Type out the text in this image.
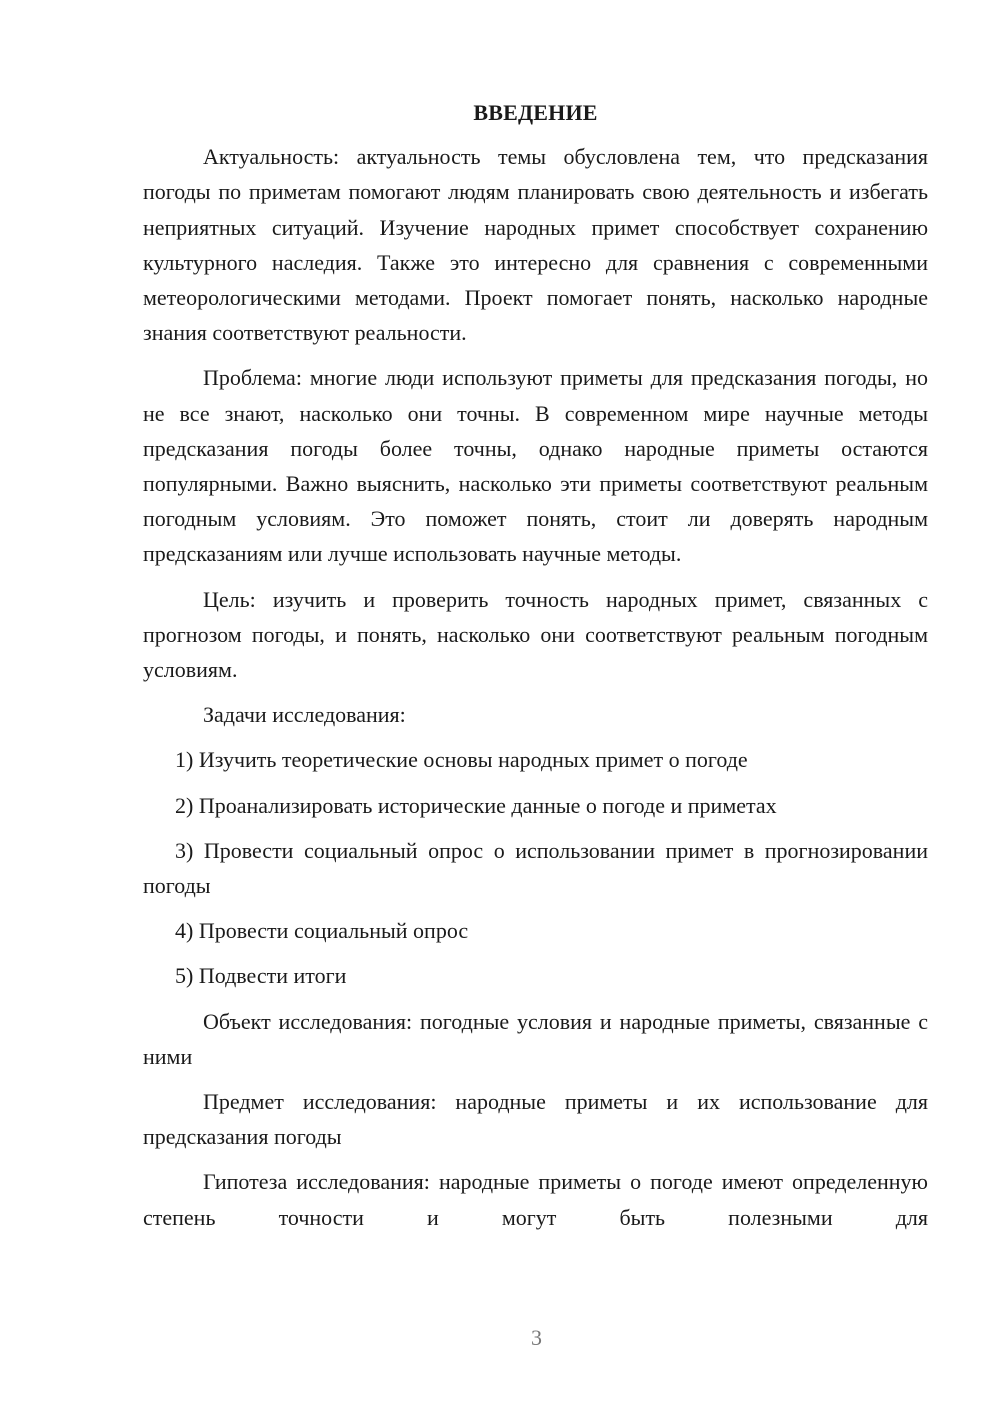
ВВЕДЕНИЕ

Актуальность: актуальность темы обусловлена тем, что предсказания погоды по приметам помогают людям планировать свою деятельность и избегать неприятных ситуаций. Изучение народных примет способствует сохранению культурного наследия. Также это интересно для сравнения с современными метеорологическими методами. Проект помогает понять, насколько народные знания соответствуют реальности.

Проблема: многие люди используют приметы для предсказания погоды, но не все знают, насколько они точны. В современном мире научные методы предсказания погоды более точны, однако народные приметы остаются популярными. Важно выяснить, насколько эти приметы соответствуют реальным погодным условиям. Это поможет понять, стоит ли доверять народным предсказаниям или лучше использовать научные методы.

Цель: изучить и проверить точность народных примет, связанных с прогнозом погоды, и понять, насколько они соответствуют реальным погодным условиям.

Задачи исследования:

1) Изучить теоретические основы народных примет о погоде

2) Проанализировать исторические данные о погоде и приметах

3) Провести социальный опрос о использовании примет в прогнозировании погоды

4) Провести социальный опрос

5) Подвести итоги

Объект исследования: погодные условия и народные приметы, связанные с ними

Предмет исследования: народные приметы и их использование для предсказания погоды

Гипотеза исследования: народные приметы о погоде имеют определенную степень точности и могут быть полезными для

3
